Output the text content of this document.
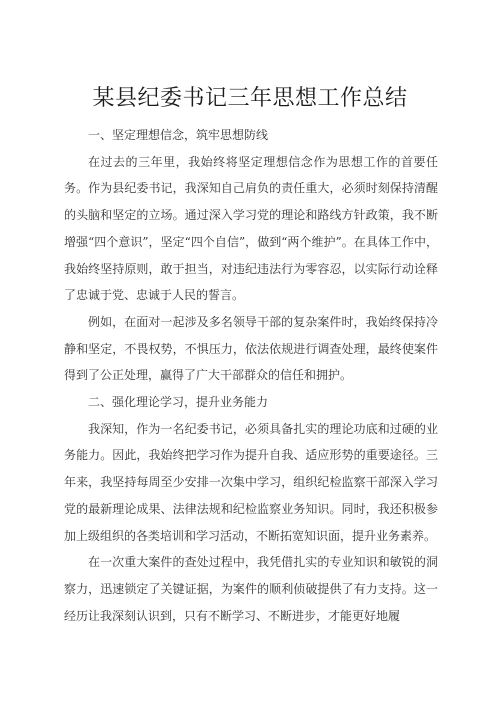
某县纪委书记三年思想工作总结

一、坚定理想信念，筑牢思想防线

在过去的三年里，我始终将坚定理想信念作为思想工作的首要任务。作为县纪委书记，我深知自己肩负的责任重大，必须时刻保持清醒的头脑和坚定的立场。通过深入学习党的理论和路线方针政策，我不断增强“四个意识”，坚定“四个自信”，做到“两个维护”。在具体工作中，我始终坚持原则，敢于担当，对违纪违法行为零容忍，以实际行动诠释了忠诚于党、忠诚于人民的誓言。

例如，在面对一起涉及多名领导干部的复杂案件时，我始终保持冷静和坚定，不畏权势，不惧压力，依法依规进行调查处理，最终使案件得到了公正处理，赢得了广大干部群众的信任和拥护。

二、强化理论学习，提升业务能力

我深知，作为一名纪委书记，必须具备扎实的理论功底和过硬的业务能力。因此，我始终把学习作为提升自我、适应形势的重要途径。三年来，我坚持每周至少安排一次集中学习，组织纪检监察干部深入学习党的最新理论成果、法律法规和纪检监察业务知识。同时，我还积极参加上级组织的各类培训和学习活动，不断拓宽知识面，提升业务素养。

在一次重大案件的查处过程中，我凭借扎实的专业知识和敏锐的洞察力，迅速锁定了关键证据，为案件的顺利侦破提供了有力支持。这一经历让我深刻认识到，只有不断学习、不断进步，才能更好地履
